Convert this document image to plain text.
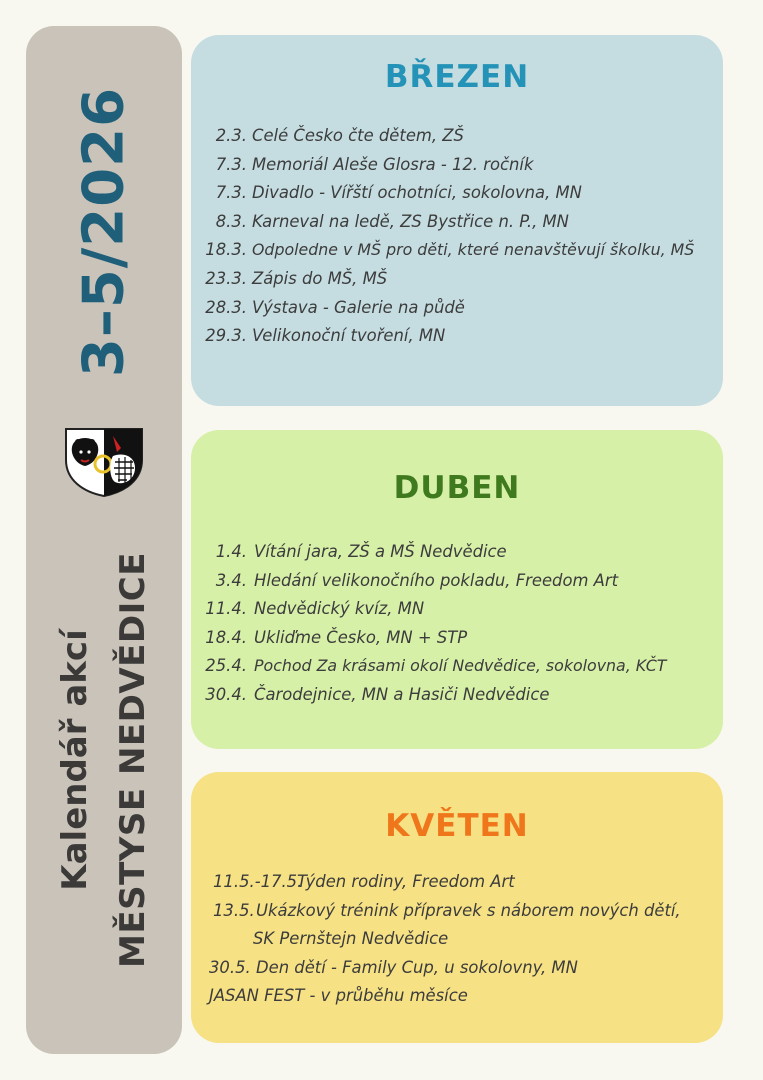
3–5/2026
Kalendář akcí MĚSTYSE NEDVĚDICE
BŘEZEN
2.3. Celé Česko čte dětem, ZŠ
7.3. Memoriál Aleše Glosra - 12. ročník
7.3. Divadlo - Vířští ochotníci, sokolovna, MN
8.3. Karneval na ledě, ZS Bystřice n. P., MN
18.3. Odpoledne v MŠ pro děti, které nenavštěvují školku, MŠ
23.3. Zápis do MŠ, MŠ
28.3. Výstava - Galerie na půdě
29.3. Velikonoční tvoření, MN
DUBEN
1.4. Vítání jara, ZŠ a MŠ Nedvědice
3.4. Hledání velikonočního pokladu, Freedom Art
11.4. Nedvědický kvíz, MN
18.4. Ukliďme Česko, MN + STP
25.4. Pochod Za krásami okolí Nedvědice, sokolovna, KČT
30.4. Čarodejnice, MN a Hasiči Nedvědice
KVĚTEN
11.5.-17.5.
Týden rodiny, Freedom Art
13.5. Ukázkový trénink přípravek s náborem nových dětí,
SK Pernštejn Nedvědice
30.5. Den dětí - Family Cup, u sokolovny, MN
JASAN FEST - v průběhu měsíce
